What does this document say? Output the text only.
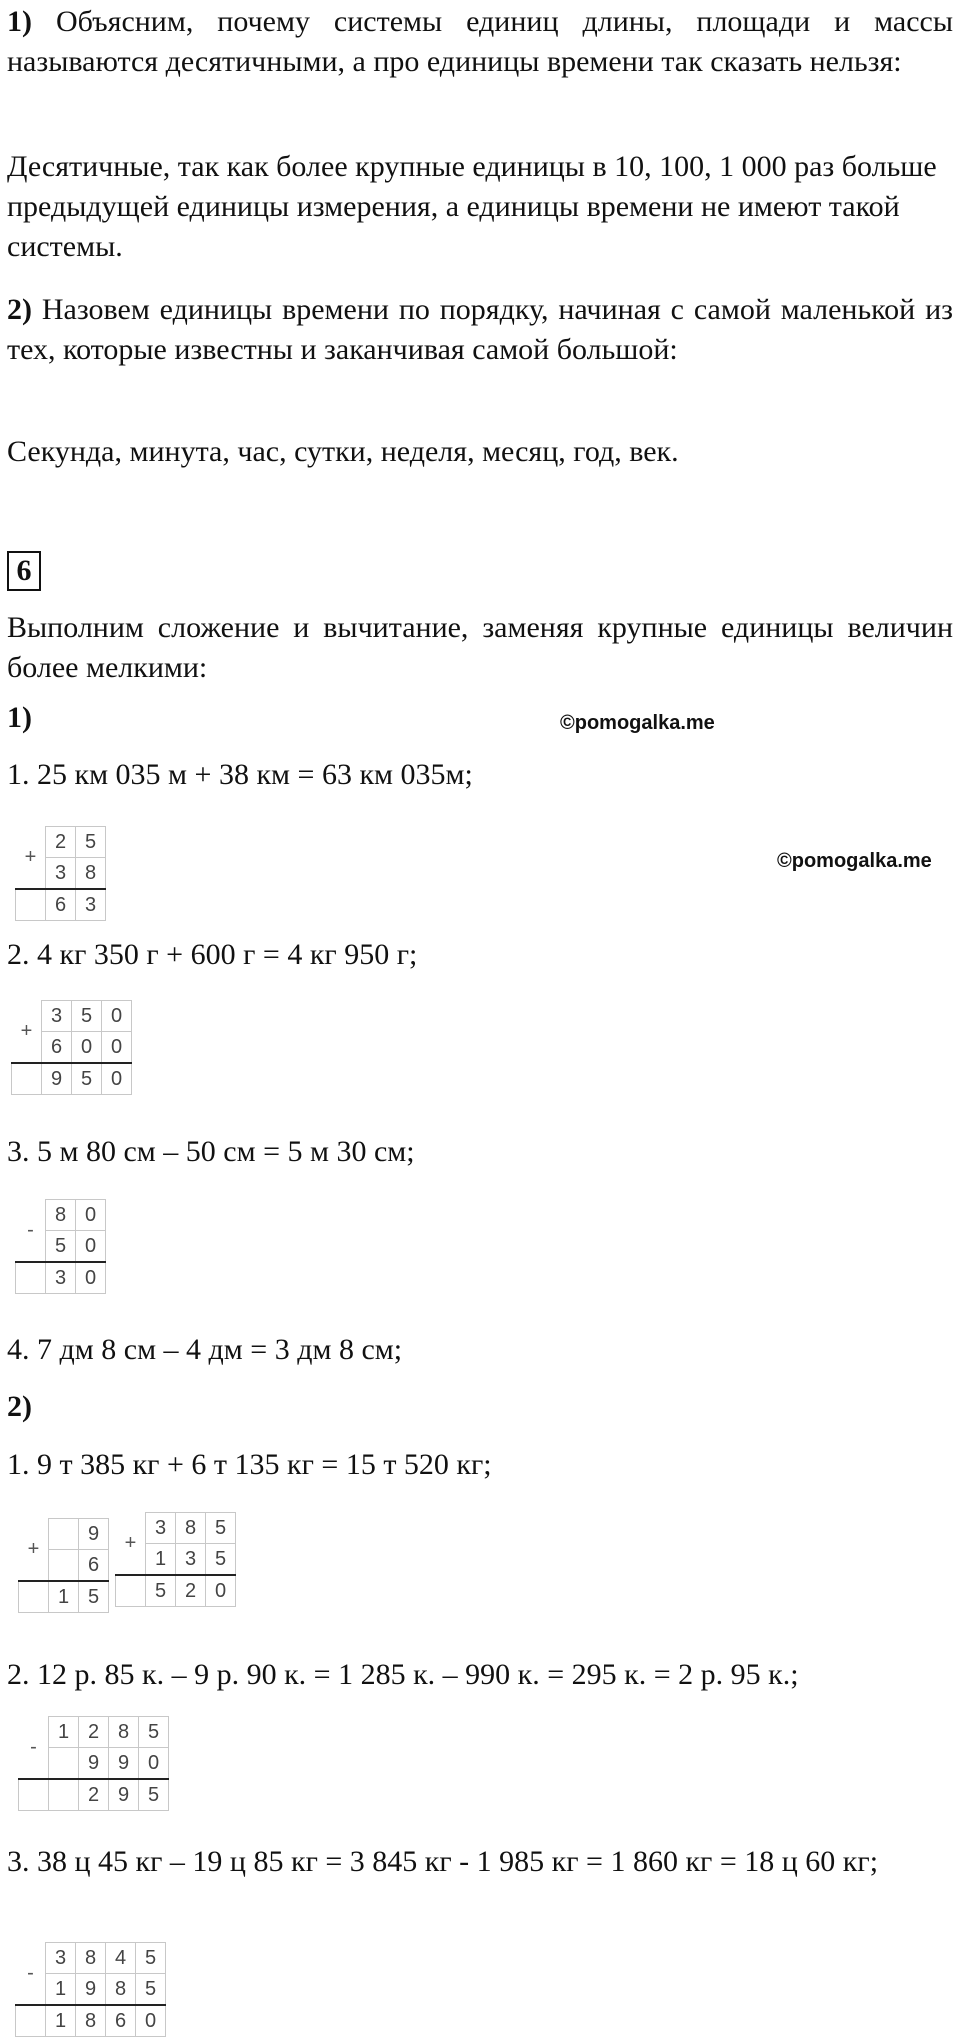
1) Объясним, почему системы единиц длины, площади и массы называются десятичными, а про единицы времени так сказать нельзя:
Десятичные, так как более крупные единицы в 10, 100, 1 000 раз больше предыдущей единицы измерения, а единицы времени не имеют такой системы.
2) Назовем единицы времени по порядку, начиная с самой маленькой из тех, которые известны и заканчивая самой большой:
Секунда, минута, час, сутки, неделя, месяц, год, век.
6
Выполним сложение и вычитание, заменяя крупные единицы величин более мелкими:
1)	©pomogalka.me
1. 25 км 035 м + 38 км = 63 км 035м;
+	2	5
	3	8
	6	3
©pomogalka.me
2. 4 кг 350 г + 600 г = 4 кг 950 г;
+	3	5	0
	6	0	0
	9	5	0
3. 5 м 80 см – 50 см = 5 м 30 см;
-	8	0
	5	0
	3	0
4. 7 дм 8 см – 4 дм = 3 дм 8 см;
2)
1. 9 т 385 кг + 6 т 135 кг = 15 т 520 кг;
+		9
		6
	1	5
+	3	8	5
	1	3	5
	5	2	0
2. 12 р. 85 к. – 9 р. 90 к. = 1 285 к. – 990 к. = 295 к. = 2 р. 95 к.;
-	1	2	8	5
		9	9	0
		2	9	5
3. 38 ц 45 кг – 19 ц 85 кг = 3 845 кг - 1 985 кг = 1 860 кг = 18 ц 60 кг;
-	3	8	4	5
	1	9	8	5
	1	8	6	0
